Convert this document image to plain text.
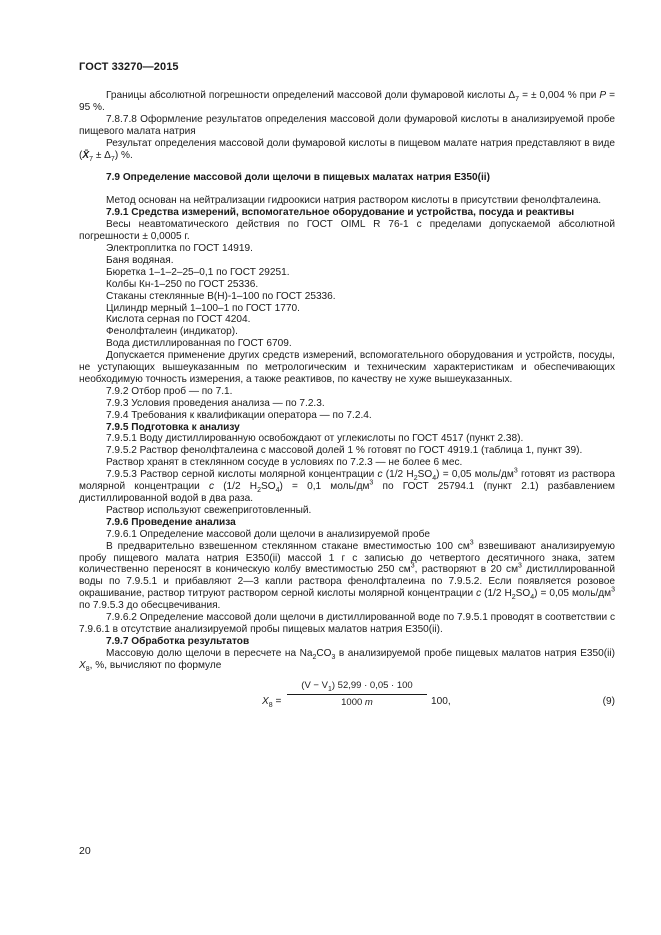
ГОСТ 33270—2015

Границы абсолютной погрешности определений массовой доли фумаровой кислоты $\Delta_7$ = ± 0,004 % при P = 95 %.

7.8.7.8 Оформление результатов определения массовой доли фумаровой кислоты в анализируемой пробе пищевого малата натрия

Результат определения массовой доли фумаровой кислоты в пищевом малате натрия представляют в виде $(X̄_7 \pm \Delta_7)$ %.

7.9 Определение массовой доли щелочи в пищевых малатах натрия Е350(ii)

Метод основан на нейтрализации гидроокиси натрия раствором кислоты в присутствии фенолфталеина.

7.9.1 Средства измерений, вспомогательное оборудование и устройства, посуда и реактивы

Весы неавтоматического действия по ГОСТ OIML R 76-1 с пределами допускаемой абсолютной погрешности ± 0,0005 г.

Электроплитка по ГОСТ 14919.

Баня водяная.

Бюретка 1–1–2–25–0,1 по ГОСТ 29251.

Колбы Кн-1–250 по ГОСТ 25336.

Стаканы стеклянные В(Н)-1–100 по ГОСТ 25336.

Цилиндр мерный 1–100–1 по ГОСТ 1770.

Кислота серная по ГОСТ 4204.

Фенолфталеин (индикатор).

Вода дистиллированная по ГОСТ 6709.

Допускается применение других средств измерений, вспомогательного оборудования и устройств, посуды, не уступающих вышеуказанным по метрологическим и техническим характеристикам и обеспечивающих необходимую точность измерения, а также реактивов, по качеству не хуже вышеуказанных.

7.9.2 Отбор проб — по 7.1.

7.9.3 Условия проведения анализа — по 7.2.3.

7.9.4 Требования к квалификации оператора — по 7.2.4.

7.9.5 Подготовка к анализу

7.9.5.1 Воду дистиллированную освобождают от углекислоты по ГОСТ 4517 (пункт 2.38).

7.9.5.2 Раствор фенолфталеина с массовой долей 1 % готовят по ГОСТ 4919.1 (таблица 1, пункт 39).

Раствор хранят в стеклянном сосуде в условиях по 7.2.3 — не более 6 мес.

7.9.5.3 Раствор серной кислоты молярной концентрации c (1/2 $H_2SO_4) = 0,05$ моль/$дм^3$ готовят из раствора молярной концентрации c (1/2 $H_2SO_4) = 0,1$ моль/$дм^3$ по ГОСТ 25794.1 (пункт 2.1) разбавлением дистиллированной водой в два раза.

Раствор используют свежеприготовленный.

7.9.6 Проведение анализа

7.9.6.1 Определение массовой доли щелочи в анализируемой пробе

В предварительно взвешенном стеклянном стакане вместимостью 100 $см^3$ взвешивают анализируемую пробу пищевого малата натрия Е350(ii) массой 1 г с записью до четвертого десятичного знака, затем количественно переносят в коническую колбу вместимостью 250 $см^3$, растворяют в 20 $см^3$ дистиллированной воды по 7.9.5.1 и прибавляют 2—3 капли раствора фенолфталеина по 7.9.5.2. Если появляется розовое окрашивание, раствор титруют раствором серной кислоты молярной концентрации c (1/2 $H_2SO_4) = 0,05$ моль/$дм^3$ по 7.9.5.3 до обесцвечивания.

7.9.6.2 Определение массовой доли щелочи в дистиллированной воде по 7.9.5.1 проводят в соответствии с 7.9.6.1 в отсутствие анализируемой пробы пищевых малатов натрия Е350(ii).

7.9.7 Обработка результатов

Массовую долю щелочи в пересчете на $Na_2CO_3$ в анализируемой пробе пищевых малатов натрия Е350(ii) $X_8$, %, вычисляют по формуле

$X_8 = \frac{(V - V_1) 52,99 \cdot 0,05 \cdot 100}{1000 m} 100$,	(9)
20
